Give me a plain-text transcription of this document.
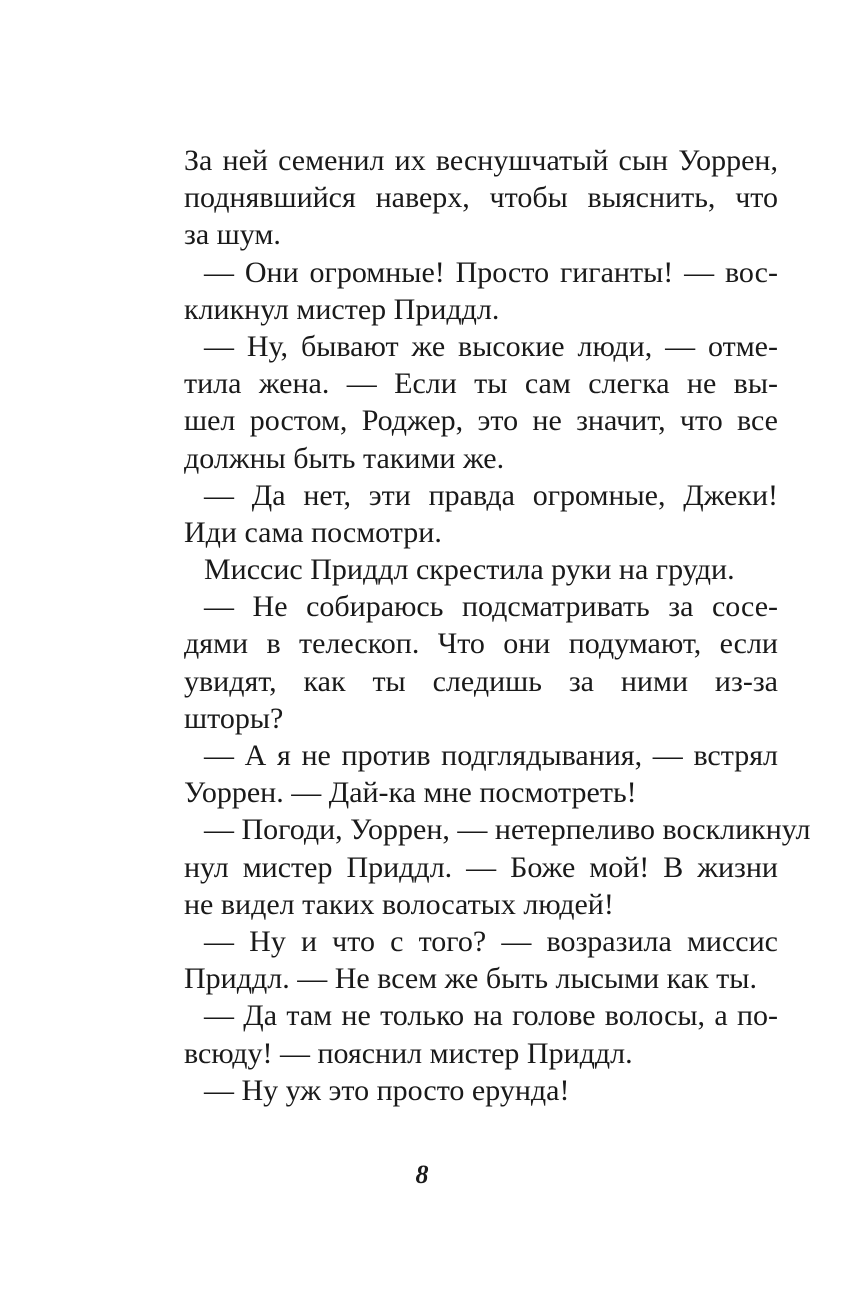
За ней семенил их веснушчатый сын Уоррен,
поднявшийся наверх, чтобы выяснить, что
за шум.
— Они огромные! Просто гиганты! — вос-
кликнул мистер Приддл.
— Ну, бывают же высокие люди, — отме-
тила жена. — Если ты сам слегка не вы-
шел ростом, Роджер, это не значит, что все
должны быть такими же.
— Да нет, эти правда огромные, Джеки!
Иди сама посмотри.
Миссис Приддл скрестила руки на груди.
— Не собираюсь подсматривать за сосе-
дями в телескоп. Что они подумают, если
увидят, как ты следишь за ними из-за
шторы?
— А я не против подглядывания, — встрял
Уоррен. — Дай-ка мне посмотреть!
— Погоди, Уоррен, — нетерпеливо воскликнул
нул мистер Приддл. — Боже мой! В жизни
не видел таких волосатых людей!
— Ну и что с того? — возразила миссис
Приддл. — Не всем же быть лысыми как ты.
— Да там не только на голове волосы, а по-
всюду! — пояснил мистер Приддл.
— Ну уж это просто ерунда!
8
